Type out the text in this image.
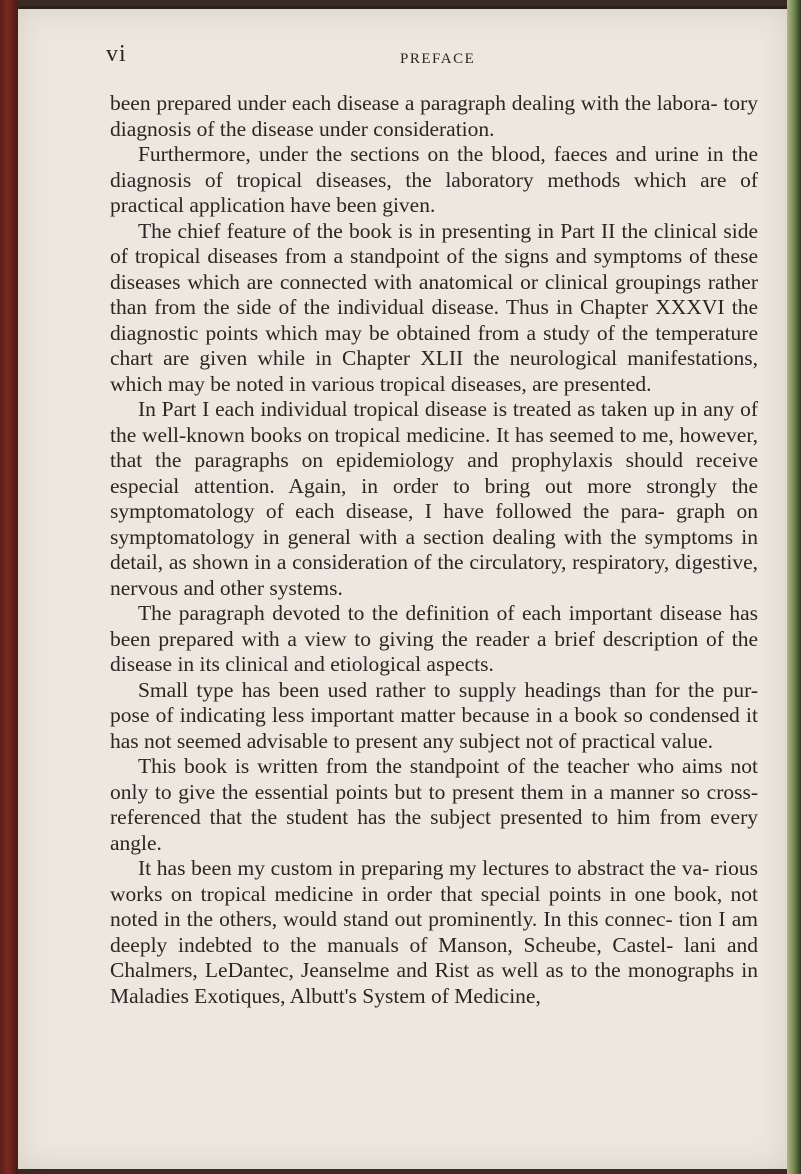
vi	PREFACE

been prepared under each disease a paragraph dealing with the labora- tory diagnosis of the disease under consideration.

Furthermore, under the sections on the blood, faeces and urine in the diagnosis of tropical diseases, the laboratory methods which are of practical application have been given.

The chief feature of the book is in presenting in Part II the clinical side of tropical diseases from a standpoint of the signs and symptoms of these diseases which are connected with anatomical or clinical groupings rather than from the side of the individual disease. Thus in Chapter XXXVI the diagnostic points which may be obtained from a study of the temperature chart are given while in Chapter XLII the neurological manifestations, which may be noted in various tropical diseases, are presented.

In Part I each individual tropical disease is treated as taken up in any of the well-known books on tropical medicine. It has seemed to me, however, that the paragraphs on epidemiology and prophylaxis should receive especial attention. Again, in order to bring out more strongly the symptomatology of each disease, I have followed the para- graph on symptomatology in general with a section dealing with the symptoms in detail, as shown in a consideration of the circulatory, respiratory, digestive, nervous and other systems.

The paragraph devoted to the definition of each important disease has been prepared with a view to giving the reader a brief description of the disease in its clinical and etiological aspects.

Small type has been used rather to supply headings than for the pur- pose of indicating less important matter because in a book so condensed it has not seemed advisable to present any subject not of practical value.

This book is written from the standpoint of the teacher who aims not only to give the essential points but to present them in a manner so cross-referenced that the student has the subject presented to him from every angle.

It has been my custom in preparing my lectures to abstract the va- rious works on tropical medicine in order that special points in one book, not noted in the others, would stand out prominently. In this connec- tion I am deeply indebted to the manuals of Manson, Scheube, Castel- lani and Chalmers, LeDantec, Jeanselme and Rist as well as to the monographs in Maladies Exotiques, Albutt's System of Medicine,
